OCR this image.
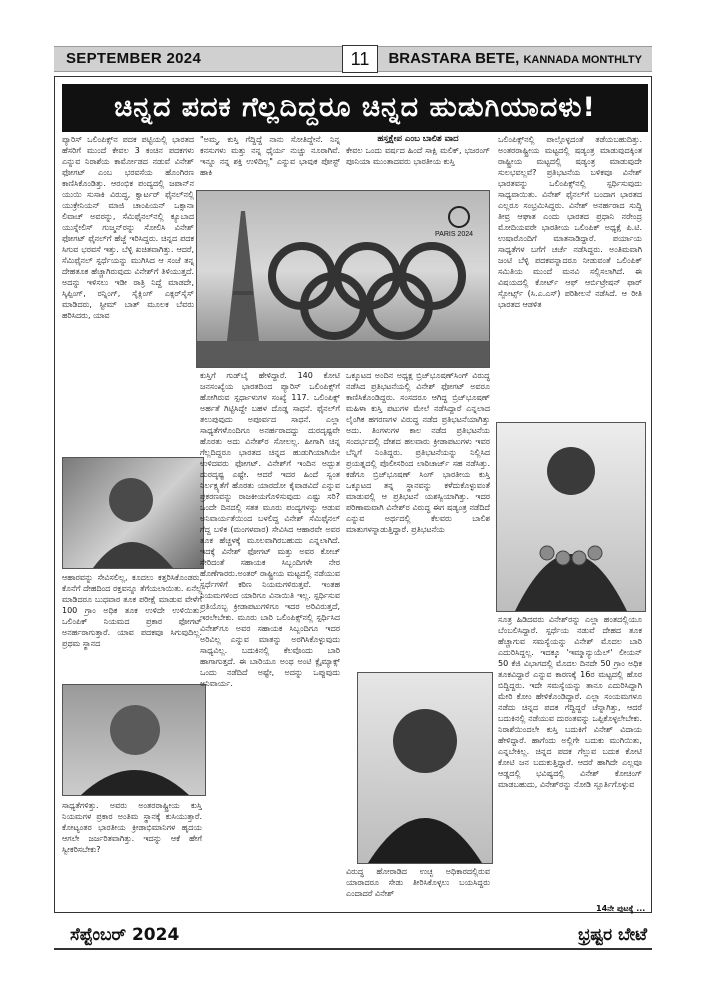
SEPTEMBER 2024	11	BRASTARA BETE, KANNADA MONTHLTY
ಚಿನ್ನದ ಪದಕ ಗೆಲ್ಲದಿದ್ದರೂ ಚಿನ್ನದ ಹುಡುಗಿಯಾದಳು!

ಪ್ಯಾರಿಸ್ ಒಲಿಂಪಿಕ್ಸ್‌ನ ಪದಕ ಪಟ್ಟಿಯಲ್ಲಿ ಭಾರತದ ಹೆಸರಿಗೆ ಮುಂದೆ ಕೇವಲ 3 ಕಂಚಿನ ಪದಕಗಳು ಎನ್ನುವ ನಿರಾಶೆಯ ಕಾರ್ಮೋಡದ ನಡುವೆ ವಿನೇಶ್ ಫೋಗಟ್ ಎಂಬ ಭರವಸೆಯ ಹೊಂಗಿರಣ ಕಾಣಿಸಿಕೊಂಡಿತ್ತು. ಆರಂಭಿಕ ಪಂದ್ಯದಲ್ಲಿ ಜಪಾನ್‌ನ ಯುಯಿ ಸುಸಾಕಿ ವಿರುದ್ಧ, ಕ್ವಾರ್ಟರ್ ಫೈನಲ್‌ನಲ್ಲಿ ಯುಕ್ರೇನಿಯನ್ ಮಾಜಿ ಚಾಂಪಿಯನ್ ಒಕ್ಸಾನಾ ಲಿವಾಚ್ ಅವರನ್ನು, ಸೆಮಿಫೈನಲ್‌ನಲ್ಲಿ ಕ್ಯೂಬಾದ ಯುಸ್ನೇಲಿಸ್ ಗುಜ್ಮನ್‌ರನ್ನು ಸೋಲಿಸಿ ವಿನೇಶ್ ಫೋಗಟ್ ಫೈನಲ್‌ಗೆ ಹೆಜ್ಜೆ ಇರಿಸಿದ್ದರು. ಚಿನ್ನದ ಪದಕ ಸಿಗುವ ಭರವಸೆ ಇತ್ತು. ಬೆಳ್ಳಿ ಖಚಿತವಾಗಿತ್ತು. ಆದರೆ, ಸೆಮಿಫೈನಲ್ ಸ್ಪರ್ಧೆಯನ್ನು ಮುಗಿಸಿದ ಆ ಸಂಜೆ ತನ್ನ ದೇಹತೂಕ ಹೆಚ್ಚಾಗಿರುವುದು ವಿನೇಶ್‌ಗೆ ತಿಳಿಯುತ್ತದೆ. ಅದನ್ನು ಇಳಿಸಲು ಇಡೀ ರಾತ್ರಿ ನಿದ್ದೆ ಮಾಡದೇ, ಸ್ಕಿಪ್ಪಿಂಗ್, ರನ್ನಿಂಗ್, ಸೈಕ್ಲಿಂಗ್ ಎಕ್ಸರ್‌ಸೈಸ್ ಮಾಡಿದರು, ಸ್ಟೀಮ್ ಬಾತ್ ಮೂಲಕ ಬೆವರು ಹರಿಸಿದರು, ಯಾವ

ಆಹಾರವನ್ನು ಸೇವಿಸಲಿಲ್ಲ, ಕೂದಲು ಕತ್ತರಿಸಿಕೊಂಡರು, ಕೊನೆಗೆ ದೇಹದಿಂದ ರಕ್ತವನ್ನೂ ತೆಗೆಯಲಾಯಿತು. ಏನೆಲ್ಲ ಮಾಡಿದರೂ ಬುಧವಾರ ತೂಕ ಪರೀಕ್ಷೆ ಮಾಡುವ ವೇಳೆಗೆ 100 ಗ್ರಾಂ ಅಧಿಕ ತೂಕ ಉಳಿದೇ ಉಳಿಯಿತು. ಒಲಿಂಪಿಕ್ ನಿಯಮದ ಪ್ರಕಾರ ಫೋಗಟ್ ಅನರ್ಹರಾಗುತ್ತಾರೆ. ಯಾವ ಪದಕವೂ ಸಿಗುವುದಿಲ್ಲ. ಪ್ರಥಮ ಸ್ಥಾನದ

ಸಾಧ್ಯತೆಗಳಿತ್ತು. ಅವರು ಅಂತರರಾಷ್ಟ್ರೀಯ ಕುಸ್ತಿ ನಿಯಮಗಳ ಪ್ರಕಾರ ಅಂತಿಮ ಸ್ಥಾನಕ್ಕೆ ಕುಸಿಯುತ್ತಾರೆ. ಕೋಟ್ಯಂತರ ಭಾರತೀಯ ಕ್ರೀಡಾಭಿಮಾನಿಗಳ ಹೃದಯ ಆಗಲೇ ಜರ್ಜರಿತವಾಗಿತ್ತು. ಇದನ್ನು ಆಕೆ ಹೇಗೆ ಸ್ವೀಕರಿಸಬೇಕು?

"ಅಮ್ಮ, ಕುಸ್ತಿ ಗೆದ್ದಿದ್ದೆ ನಾನು ಸೋತಿದ್ದೇನೆ. ನಿನ್ನ ಕನಸುಗಳು ಮತ್ತು ನನ್ನ ಧೈರ್ಯ ನುಚ್ಚು ನೂರಾಗಿವೆ. ಇನ್ನೂ ನನ್ನ ಶಕ್ತಿ ಉಳಿದಿಲ್ಲ" ಎನ್ನುವ ಭಾವುಕ ಪೋಸ್ಟ್ ಹಾಕಿ

PARIS 2024

ಕುಸ್ತಿಗೆ ಗುಡ್‌ಬೈ ಹೇಳಿದ್ದಾರೆ. 140 ಕೋಟಿ ಜನಸಂಖ್ಯೆಯ ಭಾರತದಿಂದ ಪ್ಯಾರಿಸ್ ಒಲಿಂಪಿಕ್ಸ್‌ಗೆ ಹೋಗಿರುವ ಸ್ಪರ್ಧಾಳುಗಳ ಸಂಖ್ಯೆ 117. ಒಲಿಂಪಿಕ್ಸ್ ಅರ್ಹತೆ ಗಿಟ್ಟಿಸಿದ್ದೇ ಬಹಳ ದೊಡ್ಡ ಸಾಧನೆ. ಫೈನಲ್‌ಗೆ ತಲುಪುವುದು ಅಪೂರ್ವದ ಸಾಧನೆ. ಎಲ್ಲಾ ಸಾಧ್ಯತೆಗಳೊಂದಿಗೂ ಅನರ್ಹರಾದದ್ದು ದುರದೃಷ್ಟವೇ ಹೊರತು ಅದು ವಿನೇಶ್‌ರ ಸೋಲಲ್ಲ. ಹೀಗಾಗಿ ಚಿನ್ನ ಗೆಲ್ಲದಿದ್ದರೂ ಭಾರತದ ಚಿನ್ನದ ಹುಡುಗಿಯಾಗಿಯೇ ಉಳಿದವರು ಫೋಗಟ್. ವಿನೇಶ್‌ಗೆ ಇಂದಿನ ಅದ್ಭುತ ದುರದೃಷ್ಟ ಎಷ್ಟೇ. ಆದರೆ ಇದರ ಹಿಂದೆ ಸ್ವಂತ ನಿರ್ಲಕ್ಷ್ಯತೆಗೆ ಹೊರತು ಯಾರದೋ ಕೈವಾಡವಿದೆ ಎನ್ನುವ ಪ್ರಕರಣವನ್ನು ರಾಜಕೀಯಗೊಳಿಸುವುದು ಎಷ್ಟು ಸರಿ? ಒಂದೇ ದಿನದಲ್ಲಿ ಸತತ ಮೂರು ಪಂದ್ಯಗಳನ್ನು ಆಡುವ ಅನಿವಾರ್ಯತೆಯಿಂದ ಬಳಲಿದ್ದ ವಿನೇಶ್ ಸೆಮಿಫೈನಲ್ ಗೆದ್ದ ಬಳಿಕ (ಮಂಗಳವಾರ) ಸೇವಿಸಿದ ಆಹಾರವೇ ಅವರ ತೂಕ ಹೆಚ್ಚಳಕ್ಕೆ ಮೂಲವಾಗಿರಬಹುದು ಎನ್ನಲಾಗಿದೆ. ಇದಕ್ಕೆ ವಿನೇಶ್ ಫೋಗಟ್ ಮತ್ತು ಅವರ ಕೋಚ್ ಸೇರಿದಂತೆ ಸಹಾಯಕ ಸಿಬ್ಬಂದಿಗಳೇ ನೇರ ಹೊಣೆಗಾರರು.ಅಂತರ್ ರಾಷ್ಟ್ರೀಯ ಮಟ್ಟದಲ್ಲಿ ನಡೆಯುವ ಸ್ಪರ್ಧೆಗಳಿಗೆ ಕಠಿಣ ನಿಯಮಗಳಿರುತ್ತವೆ. ಇಂತಹ ನಿಯಮಗಳಿಂದ ಯಾರಿಗೂ ವಿನಾಯಿತಿ ಇಲ್ಲ. ಸ್ಪರ್ಧಿಸುವ ಪ್ರತಿಯೊಬ್ಬ ಕ್ರೀಡಾಪಟುಗಳಿಗೂ ಇದರ ಅರಿವಿರುತ್ತದೆ, ಇರಲೇಬೇಕು. ಮೂರು ಬಾರಿ ಒಲಿಂಪಿಕ್ಸ್‌ನಲ್ಲಿ ಸ್ಪರ್ಧಿಸಿದ ವಿನೇಶ್‌ಗೂ ಅವರ ಸಹಾಯಕ ಸಿಬ್ಬಂದಿಗೂ ಇದರ ಅರಿವಿಲ್ಲ ಎನ್ನುವ ಮಾತನ್ನು ಅರಗಿಸಿಕೊಳ್ಳುವುದು ಸಾಧ್ಯವಿಲ್ಲ. ಬದುಕಿನಲ್ಲಿ ಕೆಲವೊಂದು ಬಾರಿ ಹಾಗಾಗುತ್ತದೆ. ಈ ಬಾರಿಯೂ ಅಂಥ ಅಂಟಿ ಕ್ಲೈಮ್ಯಾಕ್ಸ್ ಒಂದು ನಡೆದಿದೆ ಅಷ್ಟೇ, ಅದನ್ನು ಒಪ್ಪುವುದು ಅನಿವಾರ್ಯ.

ಹಸ್ತಕ್ಷೇಪ ಎಂಬ ಬಾಲಿಶ ವಾದ

ಕೇವಲ ಒಂದು ವರ್ಷದ ಹಿಂದೆ ಸಾಕ್ಷಿ ಮಲಿಕ್, ಭಜರಂಗ್ ಪೂನಿಯಾ ಮುಂತಾದವರು ಭಾರತೀಯ ಕುಸ್ತಿ

ಒಕ್ಕೂಟದ ಅಂದಿನ ಅಧ್ಯಕ್ಷ ಬ್ರಿಜ್‌ಭೂಷಣ್‌ಸಿಂಗ್ ವಿರುದ್ಧ ನಡೆಸಿದ ಪ್ರತಿಭಟನೆಯಲ್ಲಿ ವಿನೇಶ್ ಫೋಗಟ್ ಅವರೂ ಕಾಣಿಸಿಕೊಂಡಿದ್ದರು. ಸಂಸದರೂ ಆಗಿದ್ದ ಬ್ರಿಜ್‌ಭೂಷಣ್ ಮಹಿಳಾ ಕುಸ್ತಿ ಪಟುಗಳ ಮೇಲೆ ನಡೆಸಿದ್ದಾರೆ ಎನ್ನಲಾದ ಲೈಂಗಿಕ ಹಗರಣಗಳ ವಿರುದ್ಧ ನಡೆದ ಪ್ರತಿಭಟನೆಯಾಗಿತ್ತು ಅದು. ತಿಂಗಳುಗಳ ಕಾಲ ನಡೆದ ಪ್ರತಿಭಟನೆಯ ಸಂದರ್ಭದಲ್ಲಿ ದೇಶದ ಹಲವಾರು ಕ್ರೀಡಾಪಟುಗಳು ಇವರ ಬೆನ್ನಿಗೆ ನಿಂತಿದ್ದರು. ಪ್ರತಿಭಟನೆಯನ್ನು ನಿಲ್ಲಿಸಿದ ಪ್ರಯತ್ನದಲ್ಲಿ ಪೊಲೀಸರಿಂದ ಲಾಠಿಚಾರ್ಜ್ ಸಹ ನಡೆಸಿತ್ತು. ಕಡೆಗೂ ಬ್ರಿಜ್‌ಭೂಷಣ್ ಸಿಂಗ್ ಭಾರತೀಯ ಕುಸ್ತಿ ಒಕ್ಕೂಟದ ತನ್ನ ಸ್ಥಾನವನ್ನು ಕಳೆದುಕೊಳ್ಳುವಂತೆ ಮಾಡುವಲ್ಲಿ ಆ ಪ್ರತಿಭಟನೆ ಯಶಸ್ವಿಯಾಗಿತ್ತು. ಇದರ ಪರಿಣಾಮವಾಗಿ ವಿನೇಶ್‌ರ ವಿರುದ್ಧ ಈಗ ಷಡ್ಯಂತ್ರ ನಡೆದಿದೆ ಎನ್ನುವ ಅರ್ಥದಲ್ಲಿ ಕೆಲವರು ಬಾಲಿಶ ಮಾತುಗಳನ್ನಾಡುತ್ತಿದ್ದಾರೆ. ಪ್ರತಿಭಟನೆಯ

ವಿರುದ್ಧ ಹೋರಾಡಿದ ಉಚ್ಛ ಅಧಿಕಾರದಲ್ಲಿರುವ ಯಾರಾದರೂ ಸೇಡು ತೀರಿಸಿಕೊಳ್ಳಲು ಬಯಸಿದ್ದರು ಎಂದಾದರೆ ವಿನೇಶ್

ಒಲಿಂಪಿಕ್ಸ್‌ನಲ್ಲಿ ಪಾಲ್ಗೊಳ್ಳದಂತೆ ತಡೆಯಬಹುದಿತ್ತು. ಅಂತರರಾಷ್ಟ್ರೀಯ ಮಟ್ಟದಲ್ಲಿ ಷಡ್ಯಂತ್ರ ಮಾಡುವುದಕ್ಕಿಂತ ರಾಷ್ಟ್ರೀಯ ಮಟ್ಟದಲ್ಲಿ ಷಡ್ಯಂತ್ರ ಮಾಡುವುದೇ ಸುಲಭವಲ್ಲವೆ? ಪ್ರತಿಭಟನೆಯ ಬಳಿಕವೂ ವಿನೇಶ್ ಭಾರತವನ್ನು ಒಲಿಂಪಿಕ್ಸ್‌ನಲ್ಲಿ ಸ್ಪರ್ಧಿಸುವುದು ಸಾಧ್ಯವಾಯಿತು. ವಿನೇಶ್ ಫೈನಲ್‌ಗೆ ಬಂದಾಗ ಭಾರತದ ಎಲ್ಲರೂ ಸಂಭ್ರಮಿಸಿದ್ದರು. ವಿನೇಶ್ ಅನರ್ಹರಾದ ಸುದ್ದಿ ತೀವ್ರ ಆಘಾತ ಎಂದು ಭಾರತದ ಪ್ರಧಾನಿ ನರೇಂದ್ರ ಮೋದಿಯವರೇ ಭಾರತೀಯ ಒಲಿಂಪಿಕ್ ಅಧ್ಯಕ್ಷೆ ಪಿ.ಟಿ. ಉಷಾರೊಂದಿಗೆ ಮಾತನಾಡಿದ್ದಾರೆ. ಪರ್ಯಾಯ ಸಾಧ್ಯತೆಗಳ ಬಗೆಗೆ ಚರ್ಚೆ ನಡೆಸಿದ್ದರು. ಅಂತಿಮವಾಗಿ ಜಂಟಿ ಬೆಳ್ಳಿ ಪದಕವನ್ನಾದರೂ ನೀಡುವಂತೆ ಒಲಿಂಪಿಕ್ ಸಮಿತಿಯ ಮುಂದೆ ಮನವಿ ಸಲ್ಲಿಸಲಾಗಿದೆ. ಈ ವಿಷಯದಲ್ಲಿ ಕೋರ್ಟ್ ಆಫ್ ಆರ್ಬಿಟ್ರೇಷನ್ ಫಾರ್ ಸ್ಪೋರ್ಟ್ಸ್ (ಸಿ.ಎ.ಎಸ್) ಪರಿಶೀಲನೆ ನಡೆಸಿದೆ. ಆ ರೀತಿ ಭಾರತದ ಆಡಳಿತ

ಸೂತ್ರ ಹಿಡಿದವರು ವಿನೇಶ್‌ರನ್ನು ಎಲ್ಲಾ ಹಂತದಲ್ಲಿಯೂ ಬೆಂಬಲಿಸಿದ್ದಾರೆ. ಸ್ಪರ್ಧೆಯ ನಡುವೆ ದೇಹದ ತೂಕ ಹೆಚ್ಚಾಗುವ ಸಮಸ್ಯೆಯನ್ನು ವಿನೇಶ್ ಮೊದಲ ಬಾರಿ ಎದುರಿಸಿದ್ದಲ್ಲ. ಇದಕ್ಕೂ 'ಇಮ್ಮಾನ್ಯುಯೆಲ್' ಲೀಯನ್ 50 ಕೆಜಿ ವಿಭಾಗದಲ್ಲಿ ಮೊದಲ ದಿನದೇ 50 ಗ್ರಾಂ ಅಧಿಕ ತೂಕವಿದ್ದಾರೆ ಎನ್ನುವ ಕಾರಣಕ್ಕೆ 16ರ ಮಟ್ಟದಲ್ಲಿ ಹೊರ ಬಿದ್ದಿದ್ದರು. ಇದೇ ಸಮಸ್ಯೆಯನ್ನು ತಾನೂ ಎದುರಿಸಿದ್ದಾಗಿ ಮೇರಿ ಕೋಂ ಹೇಳಿಕೊಂಡಿದ್ದಾರೆ. ಎಲ್ಲಾ ಸಂಯಮಗಳೂ ನಡೆದು ಚಿನ್ನದ ಪದಕ ಗೆದ್ದಿದ್ದರೆ ಚೆನ್ನಾಗಿತ್ತು, ಆದರೆ ಬದುಕಿನಲ್ಲಿ ನಡೆಯುವ ದುರಂತವನ್ನು ಒಪ್ಪಿಕೊಳ್ಳಲೇಬೇಕು. ನಿರಾಶೆಯಿಂದಲೇ ಕುಸ್ತಿ ಬದುಕಿಗೆ ವಿನೇಶ್ ವಿದಾಯ ಹೇಳಿದ್ದಾರೆ. ಹಾಗೆಂದು ಅಲ್ಲಿಗೇ ಬದುಕು ಮುಗಿಯಿತು, ಎನ್ನಬೇಕಿಲ್ಲ. ಚಿನ್ನದ ಪದಕ ಗೆಲ್ಲುವ ಬದುಕ ಕೋಟಿ ಕೋಟಿ ಜನ ಬದುಕುತ್ತಿದ್ದಾರೆ. ಆದರೆ ಹಾಗಿದೇ ಎಲ್ಲವೂ ಆಡ್ಡದಲ್ಲಿ ಭವಿಷ್ಯದಲ್ಲಿ ವಿನೇಶ್ ಕೋಚಿಂಗ್ ಮಾಡಬಹುದು, ವಿನೇಶ್‌ರನ್ನು ನೋಡಿ ಸ್ಪೂರ್ತಿಗೊಳ್ಳುವ

14ನೇ ಪುಟಕ್ಕೆ ...
ಸೆಪ್ಟೆಂಬರ್ 2024	ಭ್ರಷ್ಟರ ಬೇಟೆ
